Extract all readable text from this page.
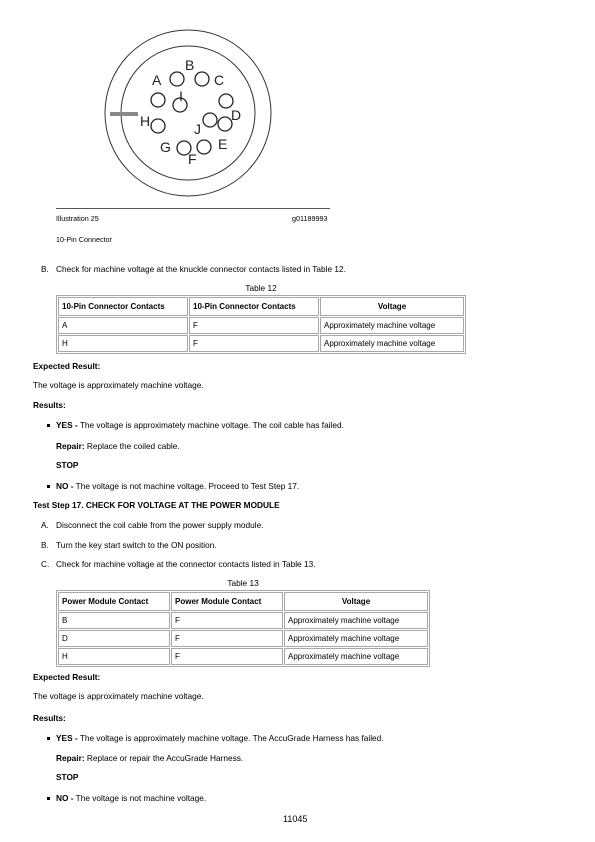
A
B
C
D
E
F
G
H
I
J
Illustration 25	g01189993
10-Pin Connector
B. Check for machine voltage at the knuckle connector contacts listed in Table 12.
Table 12
10-Pin Connector Contacts	10-Pin Connector Contacts	Voltage
A	F	Approximately machine voltage
H	F	Approximately machine voltage
Expected Result:
The voltage is approximately machine voltage.
Results:
YES - The voltage is approximately machine voltage. The coil cable has failed.
Repair: Replace the coiled cable.
STOP
NO - The voltage is not machine voltage. Proceed to Test Step 17.
Test Step 17. CHECK FOR VOLTAGE AT THE POWER MODULE
A. Disconnect the coil cable from the power supply module.
B. Turn the key start switch to the ON position.
C. Check for machine voltage at the connector contacts listed in Table 13.
Table 13
Power Module Contact	Power Module Contact	Voltage
B	F	Approximately machine voltage
D	F	Approximately machine voltage
H	F	Approximately machine voltage
Expected Result:
The voltage is approximately machine voltage.
Results:
YES - The voltage is approximately machine voltage. The AccuGrade Harness has failed.
Repair: Replace or repair the AccuGrade Harness.
STOP
NO - The voltage is not machine voltage.
11045
